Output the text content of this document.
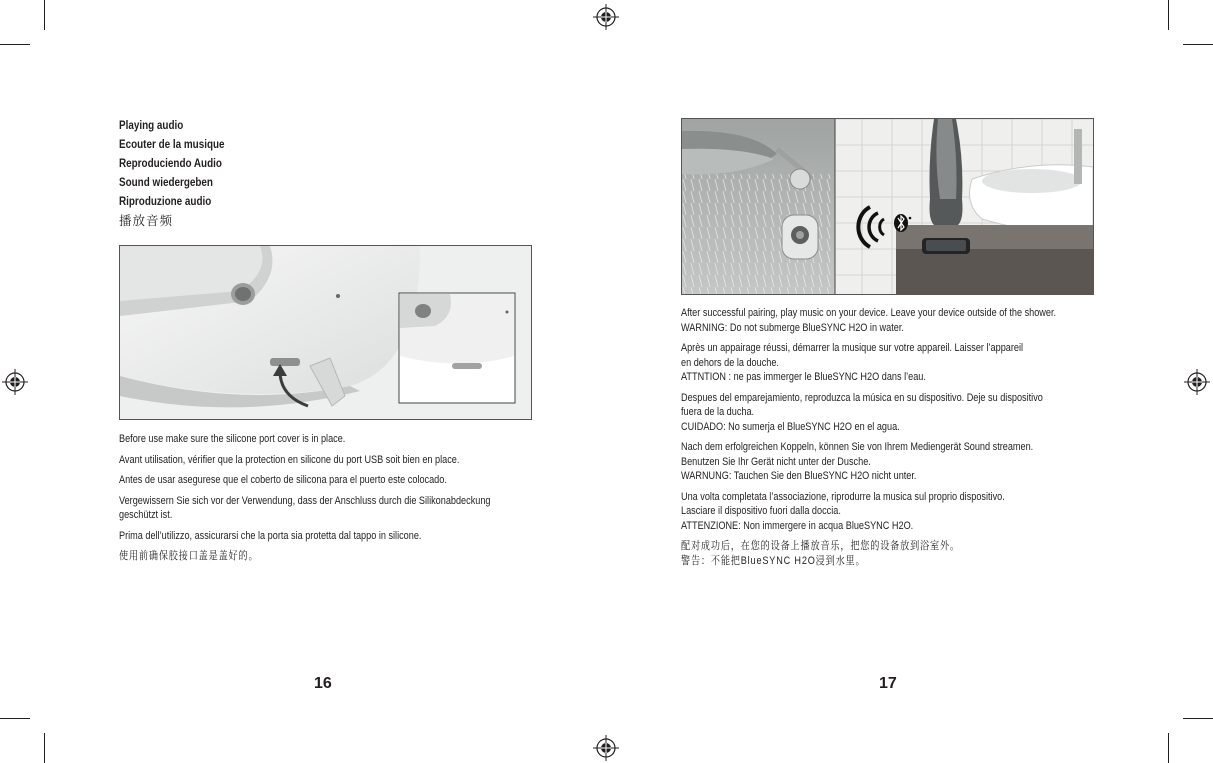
Playing audio
Ecouter de la musique
Reproduciendo Audio
Sound wiedergeben
Riproduzione audio
播放音频

Before use make sure the silicone port cover is in place.

Avant utilisation, vérifier que la protection en silicone du port USB soit bien en place.

Antes de usar asegurese que el coberto de silicona para el puerto este colocado.

Vergewissern Sie sich vor der Verwendung, dass der Anschluss durch die Silikonabdeckung geschützt ist.

Prima dell’utilizzo, assicurarsi che la porta sia protetta dal tappo in silicone.

使用前确保胶接口盖是盖好的。

16

After successful pairing, play music on your device. Leave your device outside of the shower.
WARNING: Do not submerge BlueSYNC H2O in water.

Après un appairage réussi, démarrer la musique sur votre appareil. Laisser l’appareil
en dehors de la douche.
ATTNTION : ne pas immerger le BlueSYNC H2O dans l’eau.

Despues del emparejamiento, reproduzca la música en su dispositivo. Deje su dispositivo
fuera de la ducha.
CUIDADO: No sumerja el BlueSYNC H2O en el agua.

Nach dem erfolgreichen Koppeln, können Sie von Ihrem Mediengerät Sound streamen.
Benutzen Sie Ihr Gerät nicht unter der Dusche.
WARNUNG: Tauchen Sie den BlueSYNC H2O nicht unter.

Una volta completata l’associazione, riprodurre la musica sul proprio dispositivo.
Lasciare il dispositivo fuori dalla doccia.
ATTENZIONE: Non immergere in acqua BlueSYNC H2O.

配对成功后，在您的设备上播放音乐，把您的设备放到浴室外。
警告：不能把BlueSYNC H2O浸到水里。

17
